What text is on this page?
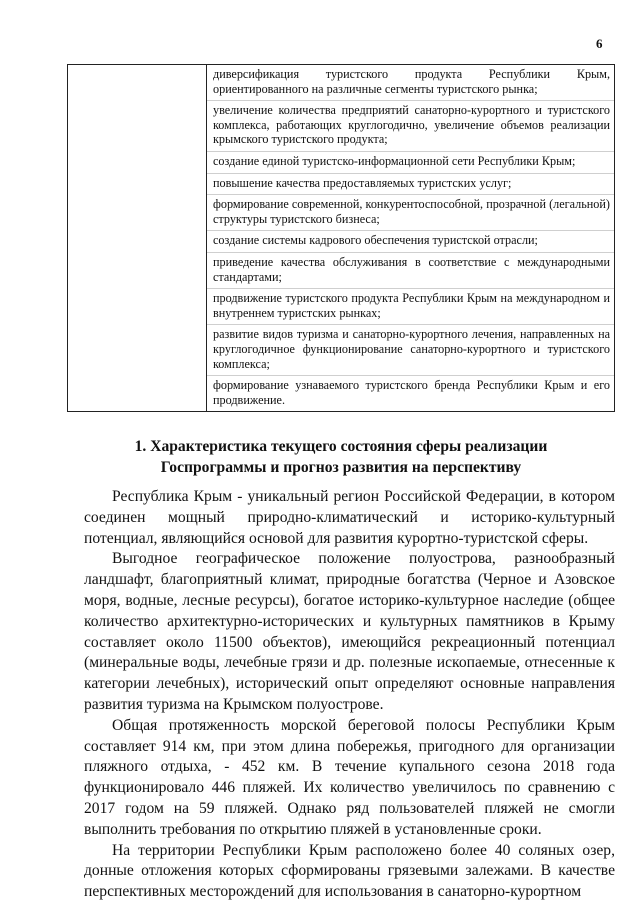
6

диверсификация туристского продукта Республики Крым, ориентированного на различные сегменты туристского рынка;
увеличение количества предприятий санаторно-курортного и туристского комплекса, работающих круглогодично, увеличение объемов реализации крымского туристского продукта;
создание единой туристско-информационной сети Республики Крым;
повышение качества предоставляемых туристских услуг;
формирование современной, конкурентоспособной, прозрачной (легальной) структуры туристского бизнеса;
создание системы кадрового обеспечения туристской отрасли;
приведение качества обслуживания в соответствие с международными стандартами;
продвижение туристского продукта Республики Крым на международном и внутреннем туристских рынках;
развитие видов туризма и санаторно-курортного лечения, направленных на круглогодичное функционирование санаторно-курортного и туристского комплекса;
формирование узнаваемого туристского бренда Республики Крым и его продвижение.
1. Характеристика текущего состояния сферы реализации
Госпрограммы и прогноз развития на перспективу

Республика Крым - уникальный регион Российской Федерации, в котором соединен мощный природно-климатический и историко-культурный потенциал, являющийся основой для развития курортно-туристской сферы.

Выгодное географическое положение полуострова, разнообразный ландшафт, благоприятный климат, природные богатства (Черное и Азовское моря, водные, лесные ресурсы), богатое историко-культурное наследие (общее количество архитектурно-исторических и культурных памятников в Крыму составляет около 11500 объектов), имеющийся рекреационный потенциал (минеральные воды, лечебные грязи и др. полезные ископаемые, отнесенные к категории лечебных), исторический опыт определяют основные направления развития туризма на Крымском полуострове.

Общая протяженность морской береговой полосы Республики Крым составляет 914 км, при этом длина побережья, пригодного для организации пляжного отдыха, - 452 км. В течение купального сезона 2018 года функционировало 446 пляжей. Их количество увеличилось по сравнению с 2017 годом на 59 пляжей. Однако ряд пользователей пляжей не смогли выполнить требования по открытию пляжей в установленные сроки.

На территории Республики Крым расположено более 40 соляных озер, донные отложения которых сформированы грязевыми залежами. В качестве перспективных месторождений для использования в санаторно-курортном
